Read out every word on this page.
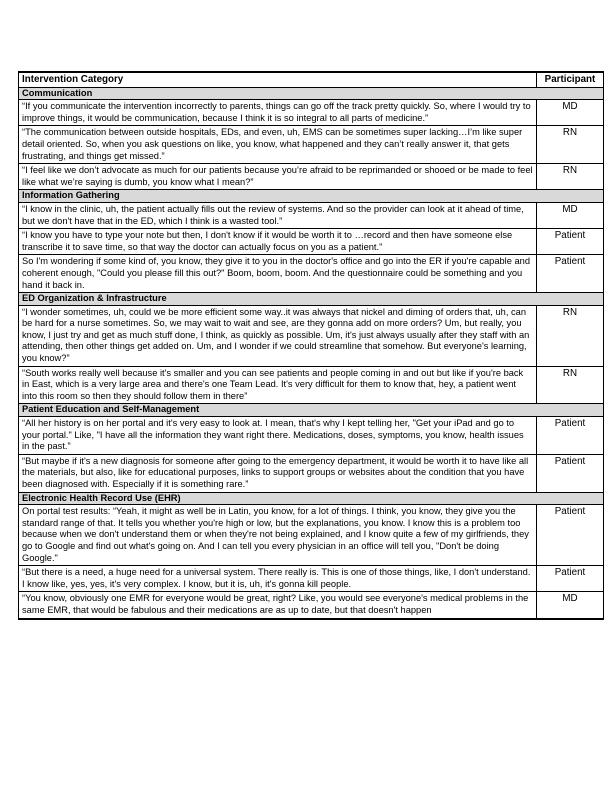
Intervention Category	Participant
Communication	
“If you communicate the intervention incorrectly to parents, things can go off the track pretty quickly. So, where I would try to improve things, it would be communication, because I think it is so integral to all parts of medicine.”	MD
“The communication between outside hospitals, EDs, and even, uh, EMS can be sometimes super lacking…I’m like super detail oriented. So, when you ask questions on like, you know, what happened and they can’t really answer it, that gets frustrating, and things get missed.”	RN
“I feel like we don’t advocate as much for our patients because you’re afraid to be reprimanded or shooed or be made to feel like what we’re saying is dumb, you know what I mean?”	RN
Information Gathering	
“I know in the clinic, uh, the patient actually fills out the review of systems. And so the provider can look at it ahead of time, but we don't have that in the ED, which I think is a wasted tool.”	MD
“I know you have to type your note but then, I don't know if it would be worth it to …record and then have someone else transcribe it to save time, so that way the doctor can actually focus on you as a patient.”	Patient
So I'm wondering if some kind of, you know, they give it to you in the doctor's office and go into the ER if you're capable and coherent enough, "Could you please fill this out?" Boom, boom, boom. And the questionnaire could be something and you hand it back in.	Patient
ED Organization & Infrastructure	
“I wonder sometimes, uh, could we be more efficient some way..it was always that nickel and diming of orders that, uh, can be hard for a nurse sometimes. So, we may wait to wait and see, are they gonna add on more orders? Um, but really, you know, I just try and get as much stuff done, I think, as quickly as possible. Um, it's just always usually after they staff with an attending, then other things get added on. Um, and I wonder if we could streamline that somehow. But everyone's learning, you know?”	RN
“South works really well because it's smaller and you can see patients and people coming in and out but like if you're back in East, which is a very large area and there's one Team Lead. It's very difficult for them to know that, hey, a patient went into this room so then they should follow them in there”	RN
Patient Education and Self-Management	
“All her history is on her portal and it's very easy to look at. I mean, that's why I kept telling her, "Get your iPad and go to your portal." Like, "I have all the information they want right there. Medications, doses, symptoms, you know, health issues in the past.”	Patient
“But maybe if it's a new diagnosis for someone after going to the emergency department, it would be worth it to have like all the materials, but also, like for educational purposes, links to support groups or websites about the condition that you have been diagnosed with. Especially if it is something rare.”	Patient
Electronic Health Record Use (EHR)	
On portal test results: “Yeah, it might as well be in Latin, you know, for a lot of things. I think, you know, they give you the standard range of that. It tells you whether you're high or low, but the explanations, you know. I know this is a problem too because when we don't understand them or when they're not being explained, and I know quite a few of my girlfriends, they go to Google and find out what's going on. And I can tell you every physician in an office will tell you, "Don't be doing Google."	Patient
“But there is a need, a huge need for a universal system. There really is. This is one of those things, like, I don't understand. I know like, yes, yes, it's very complex. I know, but it is, uh, it's gonna kill people.	Patient
“You know, obviously one EMR for everyone would be great, right? Like, you would see everyone's medical problems in the same EMR, that would be fabulous and their medications are as up to date, but that doesn't happen	MD
